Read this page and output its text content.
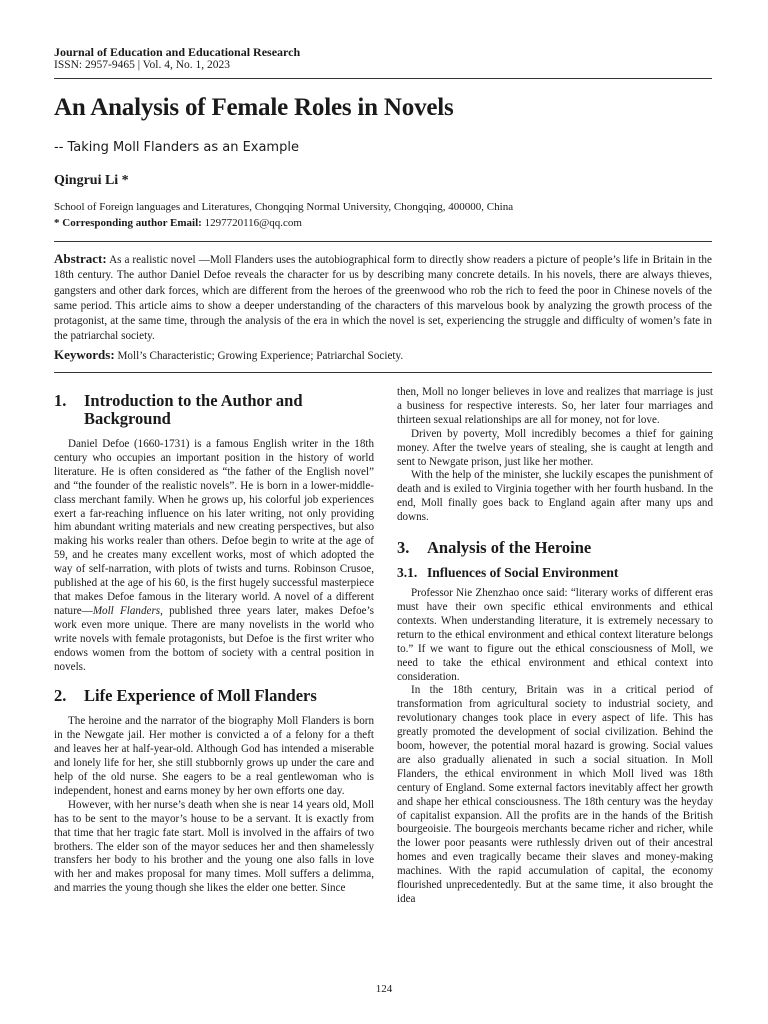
Journal of Education and Educational Research
ISSN: 2957-9465 | Vol. 4, No. 1, 2023
An Analysis of Female Roles in Novels
-- Taking Moll Flanders as an Example
Qingrui Li *
School of Foreign languages and Literatures, Chongqing Normal University, Chongqing, 400000, China
* Corresponding author Email: 1297720116@qq.com

Abstract: As a realistic novel —Moll Flanders uses the autobiographical form to directly show readers a picture of people’s life in Britain in the 18th century. The author Daniel Defoe reveals the character for us by describing many concrete details. In his novels, there are always thieves, gangsters and other dark forces, which are different from the heroes of the greenwood who rob the rich to feed the poor in Chinese novels of the same period. This article aims to show a deeper understanding of the characters of this marvelous book by analyzing the growth process of the protagonist, at the same time, through the analysis of the era in which the novel is set, experiencing the struggle and difficulty of women’s fate in the patriarchal society.

Keywords: Moll’s Characteristic; Growing Experience; Patriarchal Society.

1.	Introduction to the Author and Background

Daniel Defoe (1660-1731) is a famous English writer in the 18th century who occupies an important position in the history of world literature. He is often considered as “the father of the English novel” and “the founder of the realistic novels”. He is born in a lower-middle-class merchant family. When he grows up, his colorful job experiences exert a far-reaching influence on his later writing, not only providing him abundant writing materials and new creating perspectives, but also making his works realer than others. Defoe begin to write at the age of 59, and he creates many excellent works, most of which adopted the way of self-narration, with plots of twists and turns. Robinson Crusoe, published at the age of his 60, is the first hugely successful masterpiece that makes Defoe famous in the literary world. A novel of a different nature—Moll Flanders, published three years later, makes Defoe’s work even more unique. There are many novelists in the world who write novels with female protagonists, but Defoe is the first writer who endows women from the bottom of society with a central position in novels.

2.	Life Experience of Moll Flanders

The heroine and the narrator of the biography Moll Flanders is born in the Newgate jail. Her mother is convicted a of a felony for a theft and leaves her at half-year-old. Although God has intended a miserable and lonely life for her, she still stubbornly grows up under the care and help of the old nurse. She eagers to be a real gentlewoman who is independent, honest and earns money by her own efforts one day.

However, with her nurse’s death when she is near 14 years old, Moll has to be sent to the mayor’s house to be a servant. It is exactly from that time that her tragic fate start. Moll is involved in the affairs of two brothers. The elder son of the mayor seduces her and then shamelessly transfers her body to his brother and the young one also falls in love with her and makes proposal for many times. Moll suffers a delimma, and marries the young though she likes the elder one better. Since

then, Moll no longer believes in love and realizes that marriage is just a business for respective interests. So, her later four marriages and thirteen sexual relationships are all for money, not for love.

Driven by poverty, Moll incredibly becomes a thief for gaining money. After the twelve years of stealing, she is caught at length and sent to Newgate prison, just like her mother.

With the help of the minister, she luckily escapes the punishment of death and is exiled to Virginia together with her fourth husband. In the end, Moll finally goes back to England again after many ups and downs.

3.	Analysis of the Heroine
3.1. Influences of Social Environment

Professor Nie Zhenzhao once said: “literary works of different eras must have their own specific ethical environments and ethical contexts. When understanding literature, it is extremely necessary to return to the ethical environment and ethical context literature belongs to.” If we want to figure out the ethical consciousness of Moll, we need to take the ethical environment and ethical context into consideration.

In the 18th century, Britain was in a critical period of transformation from agricultural society to industrial society, and revolutionary changes took place in every aspect of life. This has greatly promoted the development of social civilization. Behind the boom, however, the potential moral hazard is growing. Social values are also gradually alienated in such a social situation. In Moll Flanders, the ethical environment in which Moll lived was 18th century of England. Some external factors inevitably affect her growth and shape her ethical consciousness. The 18th century was the heyday of capitalist expansion. All the profits are in the hands of the British bourgeoisie. The bourgeois merchants became richer and richer, while the lower poor peasants were ruthlessly driven out of their ancestral homes and even tragically became their slaves and money-making machines. With the rapid accumulation of capital, the economy flourished unprecedentedly. But at the same time, it also brought the idea

124
